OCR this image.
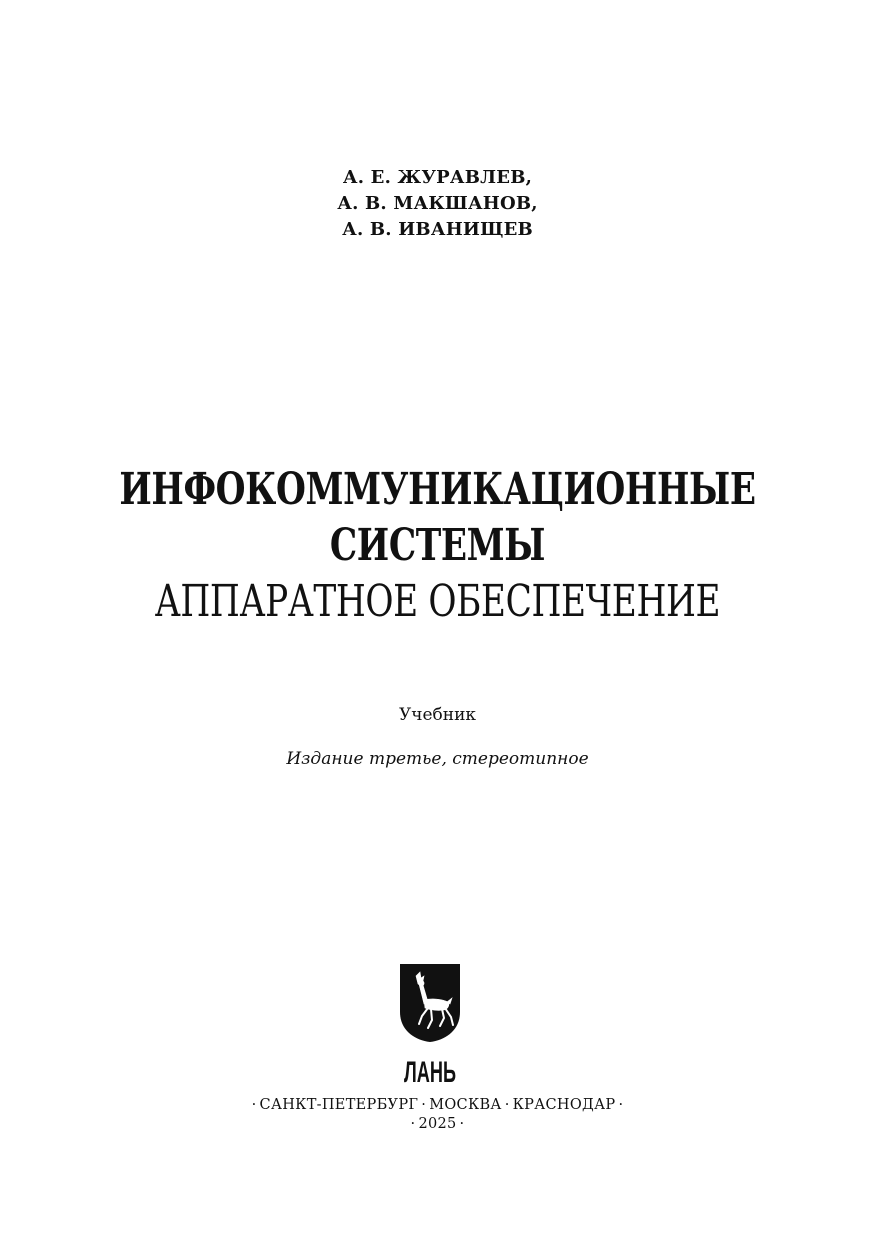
А. Е. ЖУРАВЛЕВ,
А. В. МАКШАНОВ,
А. В. ИВАНИЩЕВ
ИНФОКОММУНИКАЦИОННЫЕ
СИСТЕМЫ
АППАРАТНОЕ ОБЕСПЕЧЕНИЕ
Учебник
Издание третье, стереотипное
ЛАНЬ
· САНКТ-ПЕТЕРБУРГ · МОСКВА · КРАСНОДАР ·
· 2025 ·
